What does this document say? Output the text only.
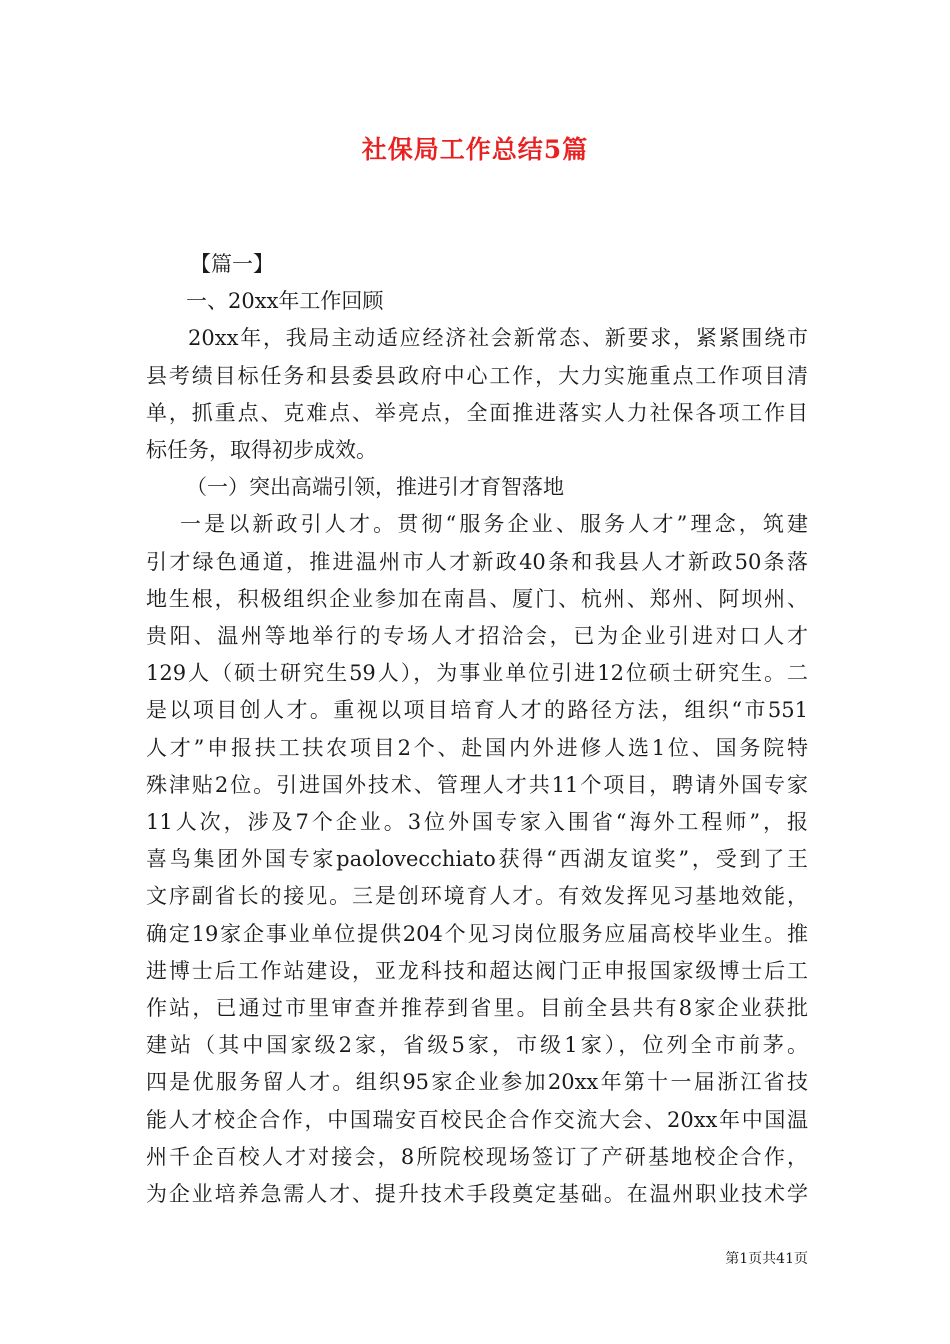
社保局工作总结5篇

【篇一】

一、20xx年工作回顾

20xx年，我局主动适应经济社会新常态、新要求，紧紧围绕市
县考绩目标任务和县委县政府中心工作，大力实施重点工作项目清
单，抓重点、克难点、举亮点，全面推进落实人力社保各项工作目
标任务，取得初步成效。

（一）突出高端引领，推进引才育智落地

一是以新政引人才。贯彻“服务企业、服务人才”理念，筑建
引才绿色通道，推进温州市人才新政40条和我县人才新政50条落
地生根，积极组织企业参加在南昌、厦门、杭州、郑州、阿坝州、
贵阳、温州等地举行的专场人才招洽会，已为企业引进对口人才
129人（硕士研究生59人），为事业单位引进12位硕士研究生。二
是以项目创人才。重视以项目培育人才的路径方法，组织“市551
人才”申报扶工扶农项目2个、赴国内外进修人选1位、国务院特
殊津贴2位。引进国外技术、管理人才共11个项目，聘请外国专家
11人次，涉及7个企业。3位外国专家入围省“海外工程师”，报
喜鸟集团外国专家paolovecchiato获得“西湖友谊奖”，受到了王
文序副省长的接见。三是创环境育人才。有效发挥见习基地效能，
确定19家企事业单位提供204个见习岗位服务应届高校毕业生。推
进博士后工作站建设，亚龙科技和超达阀门正申报国家级博士后工
作站，已通过市里审查并推荐到省里。目前全县共有8家企业获批
建站（其中国家级2家，省级5家，市级1家），位列全市前茅。
四是优服务留人才。组织95家企业参加20xx年第十一届浙江省技
能人才校企合作，中国瑞安百校民企合作交流大会、20xx年中国温
州千企百校人才对接会，8所院校现场签订了产研基地校企合作，
为企业培养急需人才、提升技术手段奠定基础。在温州职业技术学
第1页共41页
